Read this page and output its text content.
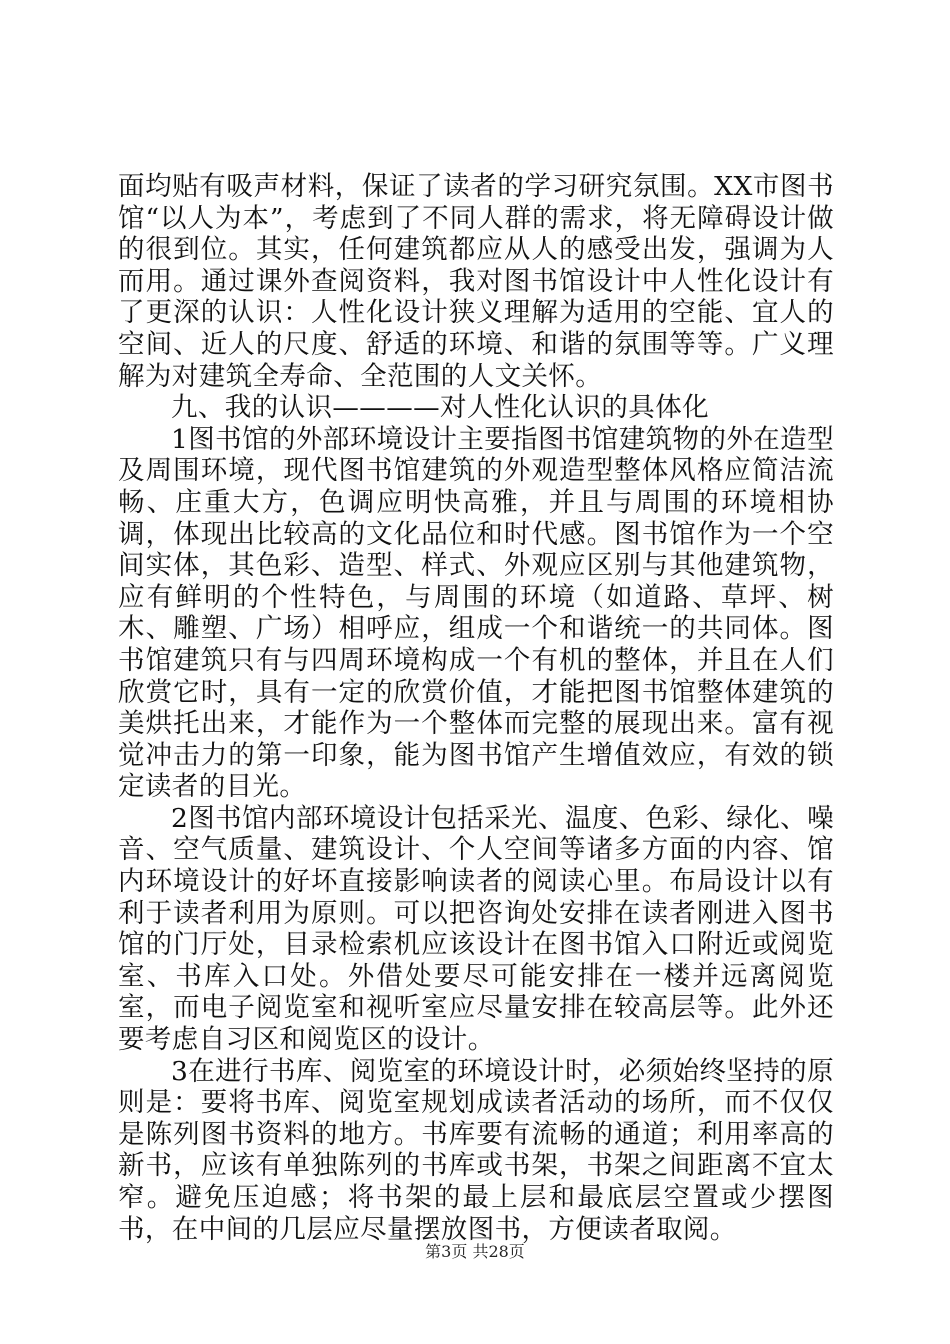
面均贴有吸声材料，保证了读者的学习研究氛围。XX市图书馆“以人为本”，考虑到了不同人群的需求，将无障碍设计做的很到位。其实，任何建筑都应从人的感受出发，强调为人而用。通过课外查阅资料，我对图书馆设计中人性化设计有了更深的认识：人性化设计狭义理解为适用的空能、宜人的空间、近人的尺度、舒适的环境、和谐的氛围等等。广义理解为对建筑全寿命、全范围的人文关怀。

九、我的认识————对人性化认识的具体化

1图书馆的外部环境设计主要指图书馆建筑物的外在造型及周围环境，现代图书馆建筑的外观造型整体风格应简洁流畅、庄重大方，色调应明快高雅，并且与周围的环境相协调，体现出比较高的文化品位和时代感。图书馆作为一个空间实体，其色彩、造型、样式、外观应区别与其他建筑物，应有鲜明的个性特色，与周围的环境（如道路、草坪、树木、雕塑、广场）相呼应，组成一个和谐统一的共同体。图书馆建筑只有与四周环境构成一个有机的整体，并且在人们欣赏它时，具有一定的欣赏价值，才能把图书馆整体建筑的美烘托出来，才能作为一个整体而完整的展现出来。富有视觉冲击力的第一印象，能为图书馆产生增值效应，有效的锁定读者的目光。

2图书馆内部环境设计包括采光、温度、色彩、绿化、噪音、空气质量、建筑设计、个人空间等诸多方面的内容、馆内环境设计的好坏直接影响读者的阅读心里。布局设计以有利于读者利用为原则。可以把咨询处安排在读者刚进入图书馆的门厅处，目录检索机应该设计在图书馆入口附近或阅览室、书库入口处。外借处要尽可能安排在一楼并远离阅览室，而电子阅览室和视听室应尽量安排在较高层等。此外还要考虑自习区和阅览区的设计。

3在进行书库、阅览室的环境设计时，必须始终坚持的原则是：要将书库、阅览室规划成读者活动的场所，而不仅仅是陈列图书资料的地方。书库要有流畅的通道；利用率高的新书，应该有单独陈列的书库或书架，书架之间距离不宜太窄。避免压迫感；将书架的最上层和最底层空置或少摆图书，在中间的几层应尽量摆放图书，方便读者取阅。

第3页 共28页
